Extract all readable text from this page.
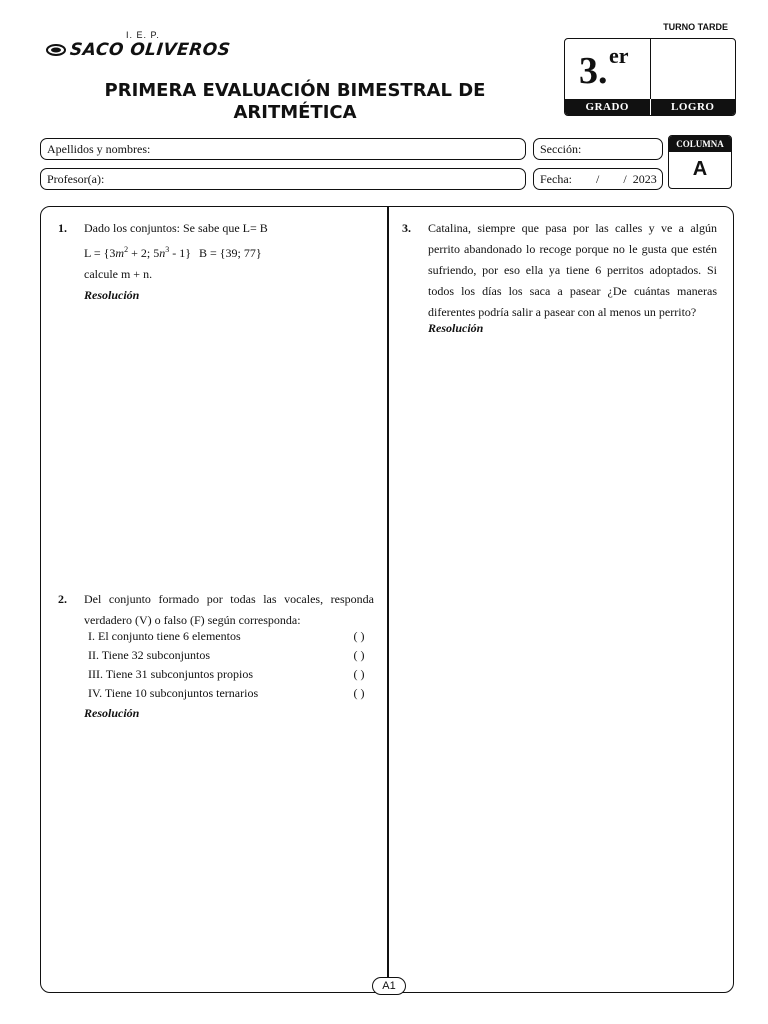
I. E. P.
SACO OLIVEROS
PRIMERA EVALUACIÓN BIMESTRAL DE ARITMÉTICA
TURNO TARDE
3. er
GRADO	LOGRO
Apellidos y nombres:
Profesor(a):
Sección:
Fecha: / / 2023
COLUMNA
A
1. Dado los conjuntos: Se sabe que L= B
$L = \{3m^2 + 2$; $5n^3 - 1$} B = {39; 77}
calcule m + n.
Resolución
2. Del conjunto formado por todas las vocales, responda verdadero (V) o falso (F) según corresponda:
I. El conjunto tiene 6 elementos	( )
II. Tiene 32 subconjuntos	( )
III. Tiene 31 subconjuntos propios	( )
IV. Tiene 10 subconjuntos ternarios	( )
Resolución
3. Catalina, siempre que pasa por las calles y ve a algún perrito abandonado lo recoge porque no le gusta que estén sufriendo, por eso ella ya tiene 6 perritos adoptados. Si todos los días los saca a pasear ¿De cuántas maneras diferentes podría salir a pasear con al menos un perrito?
Resolución
A1
